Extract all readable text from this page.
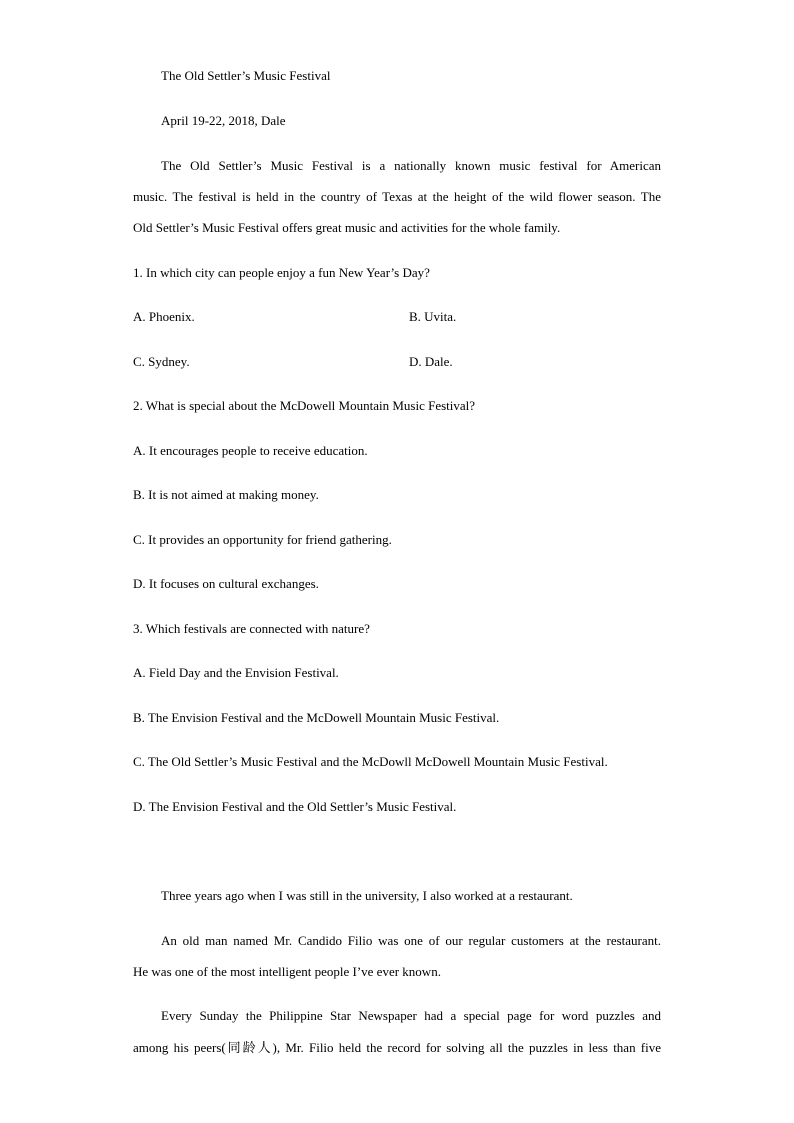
The Old Settler’s Music Festival
April 19-22, 2018, Dale
The Old Settler’s Music Festival is a nationally known music festival for American
music. The festival is held in the country of Texas at the height of the wild flower season. The
Old Settler’s Music Festival offers great music and activities for the whole family.
1. In which city can people enjoy a fun New Year’s Day?
A. Phoenix.	B. Uvita.
C. Sydney.	D. Dale.
2. What is special about the McDowell Mountain Music Festival?
A. It encourages people to receive education.
B. It is not aimed at making money.
C. It provides an opportunity for friend gathering.
D. It focuses on cultural exchanges.
3. Which festivals are connected with nature?
A. Field Day and the Envision Festival.
B. The Envision Festival and the McDowell Mountain Music Festival.
C. The Old Settler’s Music Festival and the McDowll McDowell Mountain Music Festival.
D. The Envision Festival and the Old Settler’s Music Festival.
Three years ago when I was still in the university, I also worked at a restaurant.
An old man named Mr. Candido Filio was one of our regular customers at the restaurant.
He was one of the most intelligent people I’ve ever known.
Every Sunday the Philippine Star Newspaper had a special page for word puzzles and
among his peers(同龄人), Mr. Filio held the record for solving all the puzzles in less than five
